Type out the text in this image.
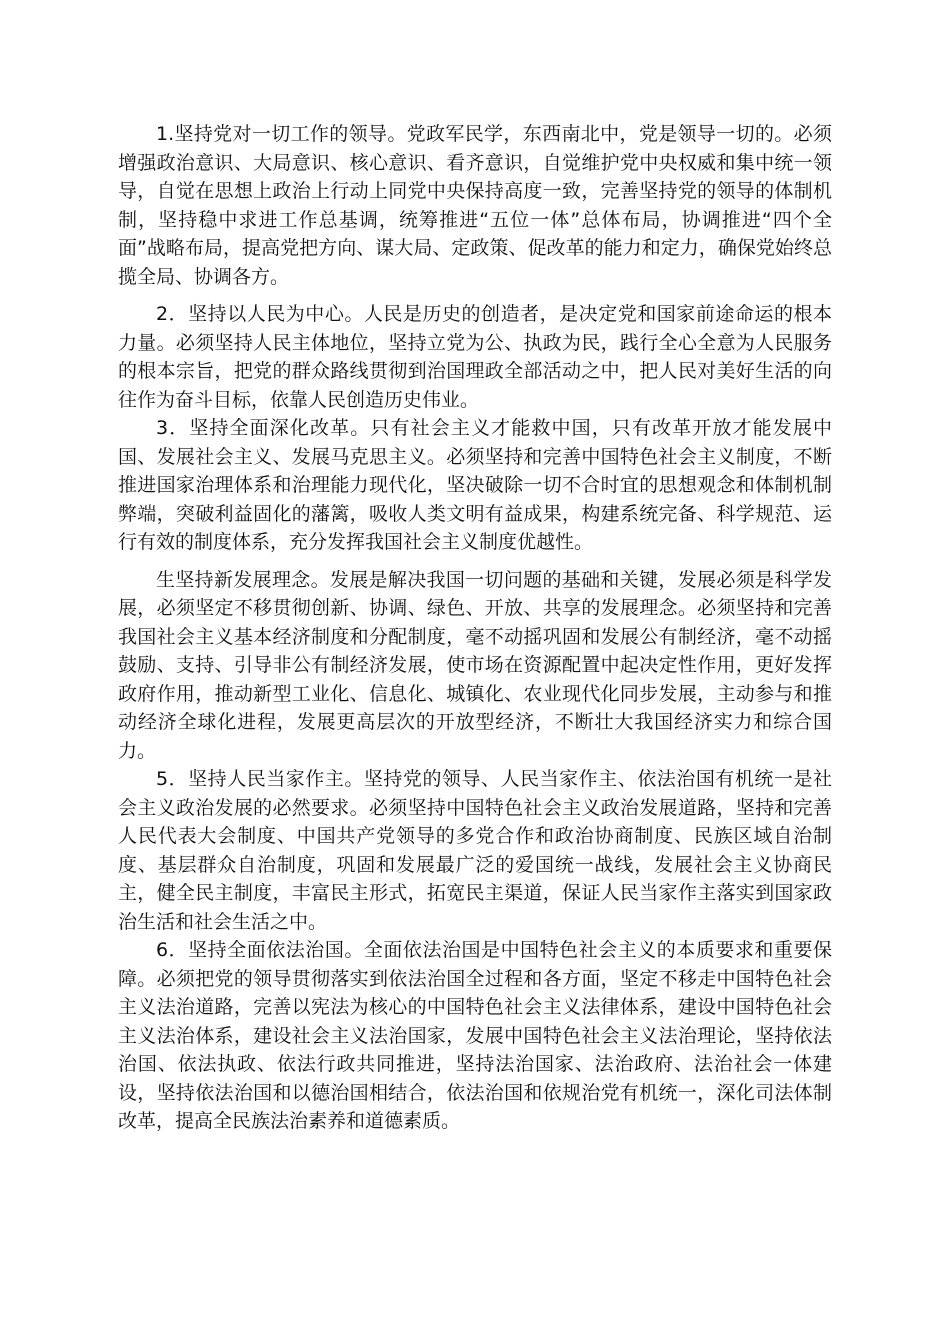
1.坚持党对一切工作的领导。党政军民学，东西南北中，党是领导一切的。必须增强政治意识、大局意识、核心意识、看齐意识，自觉维护党中央权威和集中统一领导，自觉在思想上政治上行动上同党中央保持高度一致，完善坚持党的领导的体制机制，坚持稳中求进工作总基调，统筹推进“五位一体”总体布局，协调推进“四个全面”战略布局，提高党把方向、谋大局、定政策、促改革的能力和定力，确保党始终总揽全局、协调各方。

2．坚持以人民为中心。人民是历史的创造者，是决定党和国家前途命运的根本力量。必须坚持人民主体地位，坚持立党为公、执政为民，践行全心全意为人民服务的根本宗旨，把党的群众路线贯彻到治国理政全部活动之中，把人民对美好生活的向往作为奋斗目标，依靠人民创造历史伟业。

3．坚持全面深化改革。只有社会主义才能救中国，只有改革开放才能发展中国、发展社会主义、发展马克思主义。必须坚持和完善中国特色社会主义制度，不断推进国家治理体系和治理能力现代化，坚决破除一切不合时宜的思想观念和体制机制弊端，突破利益固化的藩篱，吸收人类文明有益成果，构建系统完备、科学规范、运行有效的制度体系，充分发挥我国社会主义制度优越性。

生坚持新发展理念。发展是解决我国一切问题的基础和关键，发展必须是科学发展，必须坚定不移贯彻创新、协调、绿色、开放、共享的发展理念。必须坚持和完善我国社会主义基本经济制度和分配制度，毫不动摇巩固和发展公有制经济，毫不动摇鼓励、支持、引导非公有制经济发展，使市场在资源配置中起决定性作用，更好发挥政府作用，推动新型工业化、信息化、城镇化、农业现代化同步发展，主动参与和推动经济全球化进程，发展更高层次的开放型经济，不断壮大我国经济实力和综合国力。

5．坚持人民当家作主。坚持党的领导、人民当家作主、依法治国有机统一是社会主义政治发展的必然要求。必须坚持中国特色社会主义政治发展道路，坚持和完善人民代表大会制度、中国共产党领导的多党合作和政治协商制度、民族区域自治制度、基层群众自治制度，巩固和发展最广泛的爱国统一战线，发展社会主义协商民主，健全民主制度，丰富民主形式，拓宽民主渠道，保证人民当家作主落实到国家政治生活和社会生活之中。

6．坚持全面依法治国。全面依法治国是中国特色社会主义的本质要求和重要保障。必须把党的领导贯彻落实到依法治国全过程和各方面，坚定不移走中国特色社会主义法治道路，完善以宪法为核心的中国特色社会主义法律体系，建设中国特色社会主义法治体系，建设社会主义法治国家，发展中国特色社会主义法治理论，坚持依法治国、依法执政、依法行政共同推进，坚持法治国家、法治政府、法治社会一体建设，坚持依法治国和以德治国相结合，依法治国和依规治党有机统一，深化司法体制改革，提高全民族法治素养和道德素质。
